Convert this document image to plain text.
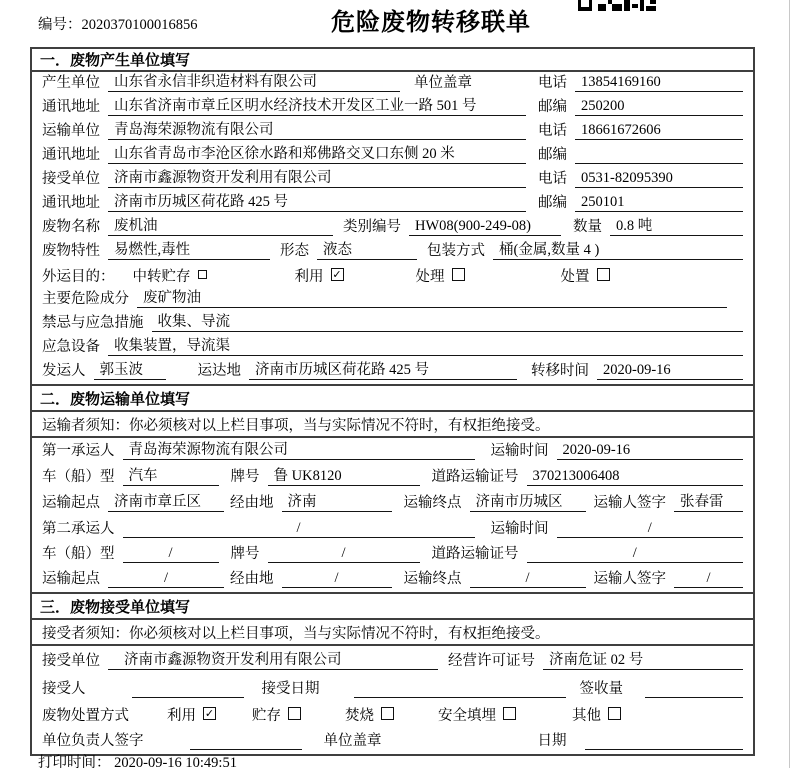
编号：2020370100016856	危险废物转移联单
一．废物产生单位填写
产生单位 山东省永信非织造材料有限公司	单位盖章	电话 13854169160
通讯地址 山东省济南市章丘区明水经济技术开发区工业一路 501 号	邮编 250200
运输单位 青岛海荣源物流有限公司	电话 18661672606
通讯地址 山东省青岛市李沧区徐水路和郑佛路交叉口东侧 20 米	邮编
接受单位 济南市鑫源物资开发利用有限公司	电话 0531-82095390
通讯地址 济南市历城区荷花路 425 号	邮编 250101
废物名称 废机油	类别编号 HW08(900-249-08)	数量 0.8 吨
废物特性 易燃性,毒性	形态 液态	包装方式 桶(金属,数量 4 )
外运目的： 中转贮存	利用 ✓	处理	处置
主要危险成分 废矿物油
禁忌与应急措施 收集、导流
应急设备 收集装置，导流渠
发运人 郭玉波	运达地 济南市历城区荷花路 425 号	转移时间 2020-09-16
二．废物运输单位填写
运输者须知： 你必须核对以上栏目事项，当与实际情况不符时，有权拒绝接受。
第一承运人 青岛海荣源物流有限公司	运输时间 2020-09-16
车（船）型 汽车	牌号 鲁 UK8120	道路运输证号 370213006408
运输起点 济南市章丘区	经由地 济南	运输终点 济南市历城区	运输人签字 张春雷
第二承运人	/	运输时间	/
车（船）型	/	牌号	/	道路运输证号	/
运输起点	/	经由地	/	运输终点	/	运输人签字	/
三．废物接受单位填写
接受者须知： 你必须核对以上栏目事项，当与实际情况不符时，有权拒绝接受。
接受单位	济南市鑫源物资开发利用有限公司	经营许可证号 济南危证 02 号
接受人	接受日期	签收量
废物处置方式	利用 ✓	贮存	焚烧	安全填埋	其他
单位负责人签字	单位盖章	日期
打印时间： 2020-09-16 10:49:51
